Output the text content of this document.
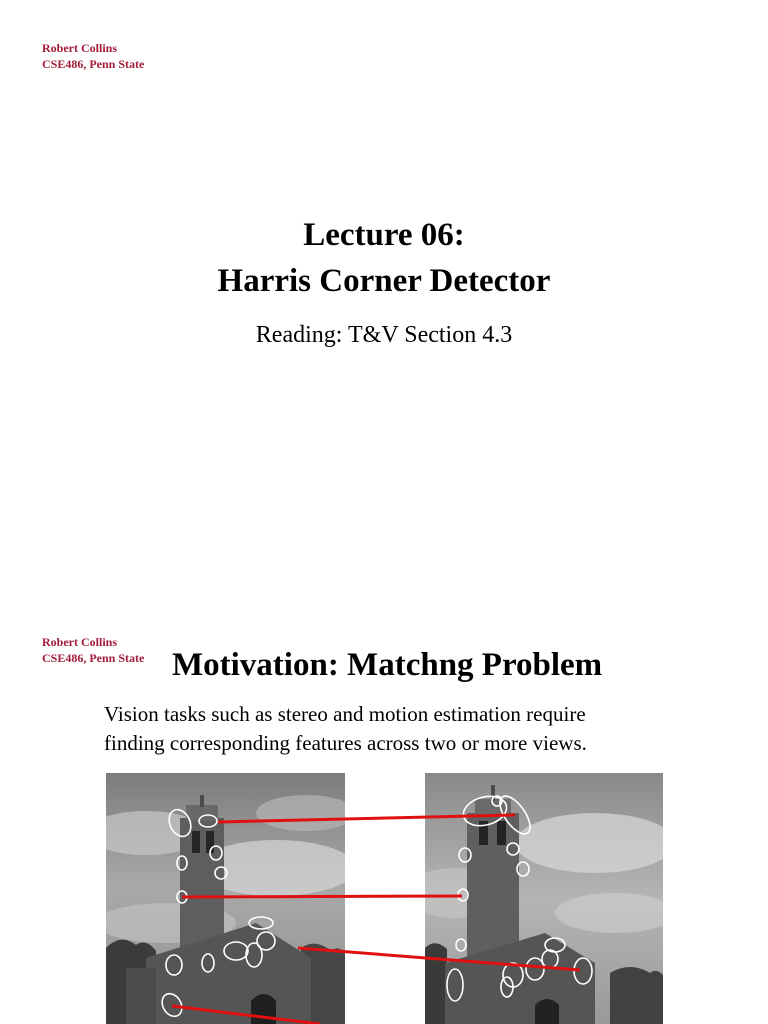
Robert Collins
CSE486, Penn State
Lecture 06:
Harris Corner Detector
Reading: T&V Section 4.3
Robert Collins
CSE486, Penn State Motivation: Matchng Problem
Vision tasks such as stereo and motion estimation require
finding corresponding features across two or more views.
